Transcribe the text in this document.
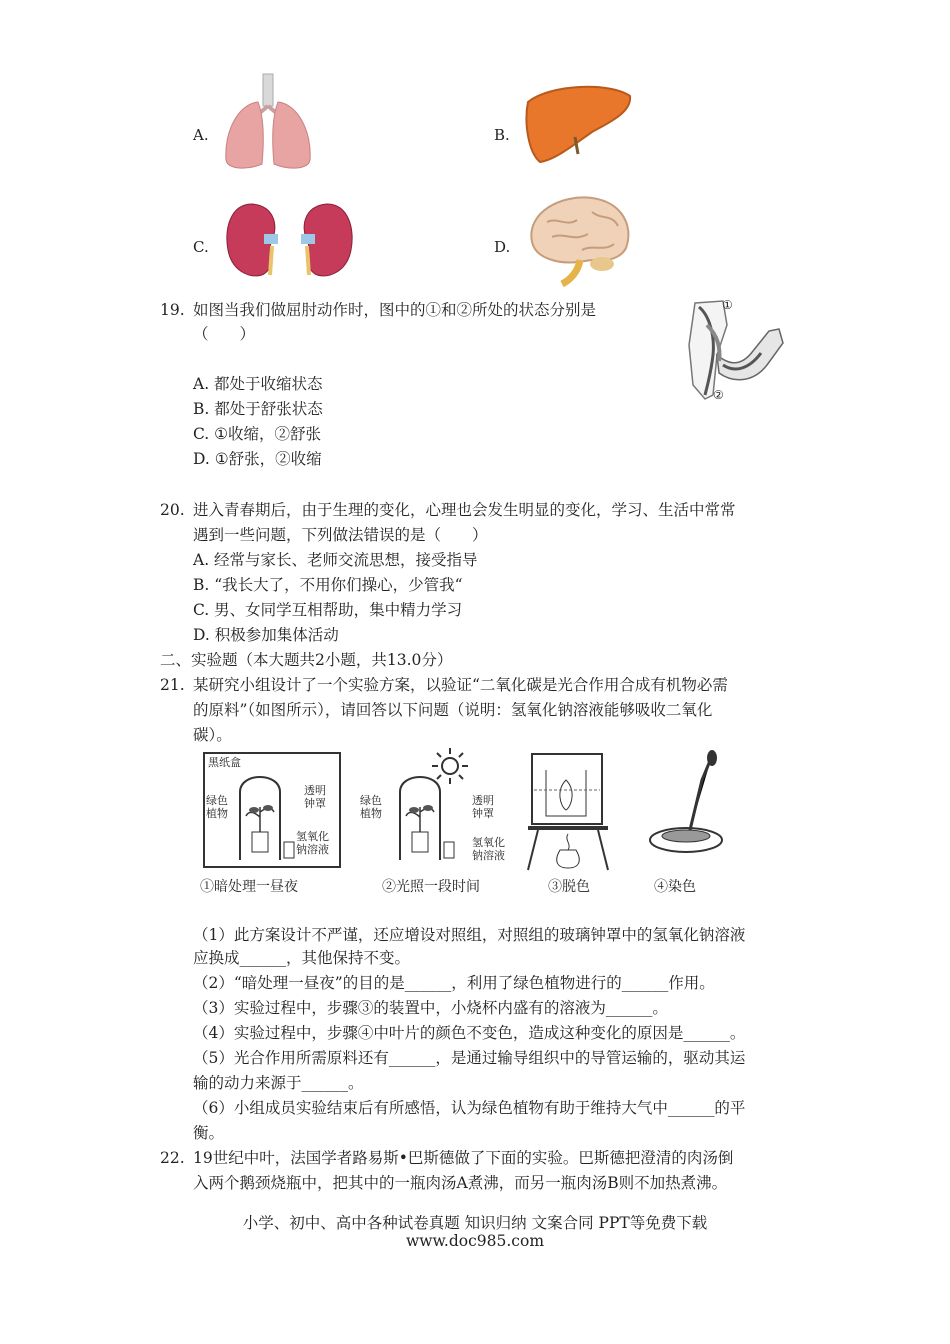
A.	B.
C.	D.
19. 如图当我们做屈肘动作时，图中的①和②所处的状态分别是
（　　）
A. 都处于收缩状态
B. 都处于舒张状态
C. ①收缩，②舒张
D. ①舒张，②收缩
①
②
20. 进入青春期后，由于生理的变化，心理也会发生明显的变化，学习、生活中常常
遇到一些问题，下列做法错误的是（　　）
A. 经常与家长、老师交流思想，接受指导
B. “我长大了，不用你们操心，少管我“
C. 男、女同学互相帮助，集中精力学习
D. 积极参加集体活动
二、实验题（本大题共2小题，共13.0分）
21. 某研究小组设计了一个实验方案，以验证“二氧化碳是光合作用合成有机物必需
的原料”（如图所示），请回答以下问题（说明：氢氧化钠溶液能够吸收二氧化
碳）。
黑纸盒
绿色植物
透明钟罩
氢氧化钠溶液
绿色植物
透明钟罩
氢氧化钠溶液
①暗处理一昼夜	②光照一段时间	③脱色	④染色
（1）此方案设计不严谨，还应增设对照组，对照组的玻璃钟罩中的氢氧化钠溶液
应换成______，其他保持不变。
（2）“暗处理一昼夜”的目的是______，利用了绿色植物进行的______作用。
（3）实验过程中，步骤③的装置中，小烧杯内盛有的溶液为______。
（4）实验过程中，步骤④中叶片的颜色不变色，造成这种变化的原因是______。
（5）光合作用所需原料还有______，是通过输导组织中的导管运输的，驱动其运
输的动力来源于______。
（6）小组成员实验结束后有所感悟，认为绿色植物有助于维持大气中______的平
衡。
22. 19世纪中叶，法国学者路易斯•巴斯德做了下面的实验。巴斯德把澄清的肉汤倒
入两个鹅颈烧瓶中，把其中的一瓶肉汤A煮沸，而另一瓶肉汤B则不加热煮沸。
小学、初中、高中各种试卷真题 知识归纳 文案合同 PPT等免费下载
www.doc985.com
